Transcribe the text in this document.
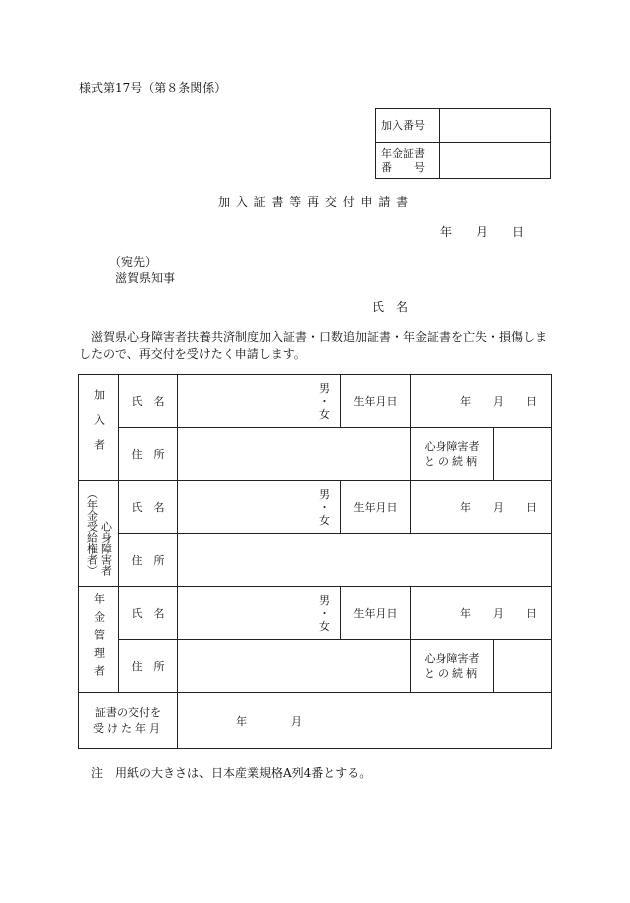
様式第17号（第８条関係）
加入番号	

年金証書
番　　号	

加 入 証 書 等 再 交 付 申 請 書
年　　月　　日
（宛先）
滋賀県知事
氏　名
滋賀県心身障害者扶養共済制度加入証書・口数追加証書・年金証書を亡失・損傷しま
したので、再交付を受けたく申請します。
加入者	氏　名	男
・
女	生年月日	年　　月　　日	
	住　所			心身障害者
との続柄	

（年金受給権者）心身障害者	氏　名	男
・
女	生年月日	年　　月　　日	
	住　所				
年金管理者	氏　名	男
・
女	生年月日	年　　月　　日	
	住　所			心身障害者
との続柄	

証書の交付を
受けた年月		年　　　　月			
注　用紙の大きさは、日本産業規格A列4番とする。
